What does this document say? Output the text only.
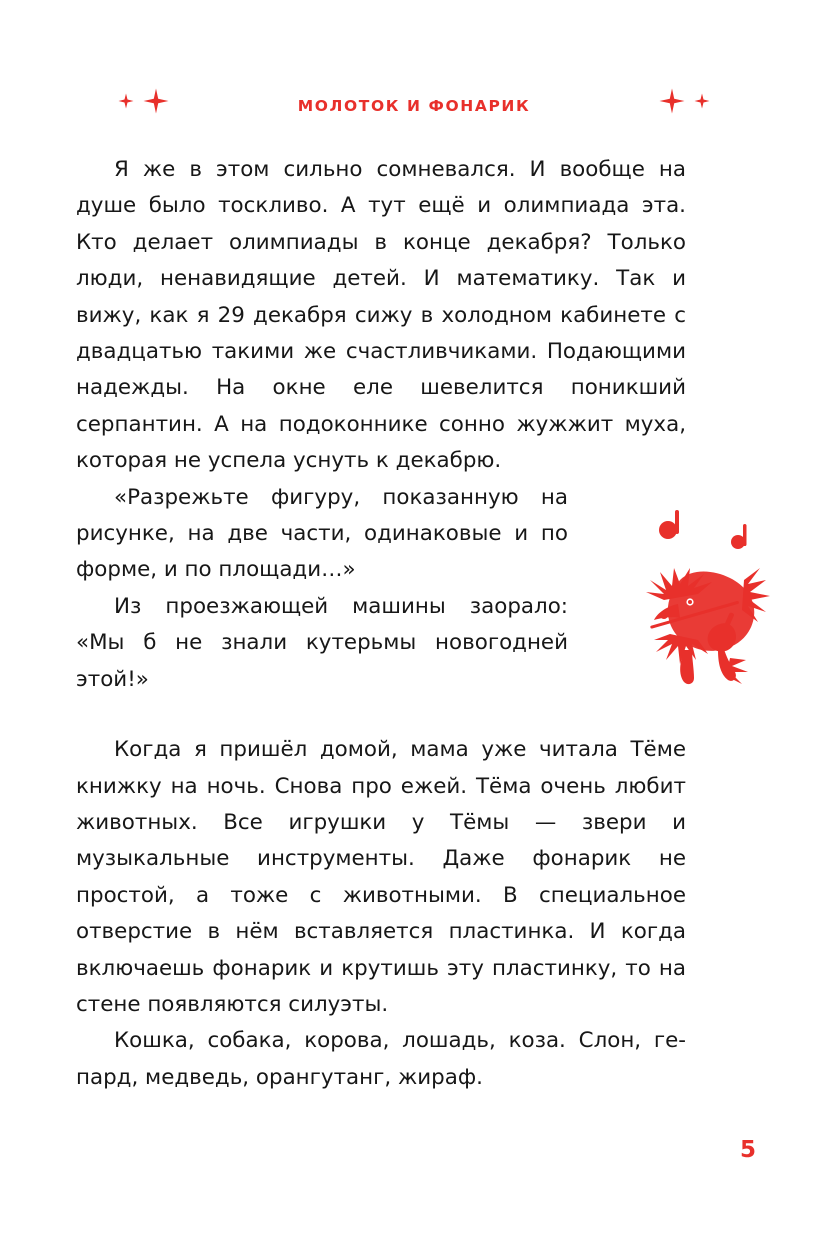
МОЛОТОК И ФОНАРИК

Я же в этом сильно сомневался. И вообще на душе было тоскливо. А тут ещё и олимпиада эта. Кто делает олимпиады в конце декабря? Только люди, ненавидящие детей. И математику. Так и вижу, как я 29 декабря сижу в холодном кабинете с двадцатью такими же счастливчиками. Подающими надежды. На окне еле шевелится поникший серпантин. А на подоконнике сонно жужжит муха, которая не успела уснуть к декабрю.

«Разрежьте фигуру, показанную на рисунке, на две части, одинаковые и по форме, и по площади…»

Из проезжающей машины заорало: «Мы б не знали кутерьмы новогодней этой!»

Когда я пришёл домой, мама уже читала Тёме книжку на ночь. Снова про ежей. Тёма очень любит животных. Все игрушки у Тёмы — звери и музыкальные инструменты. Даже фонарик не простой, а тоже с животными. В специальное отверстие в нём вставляется пластинка. И когда включаешь фонарик и крутишь эту пластинку, то на стене появляются силуэты.

Кошка, собака, корова, лошадь, коза. Слон, гепард, медведь, орангутанг, жираф.

5
